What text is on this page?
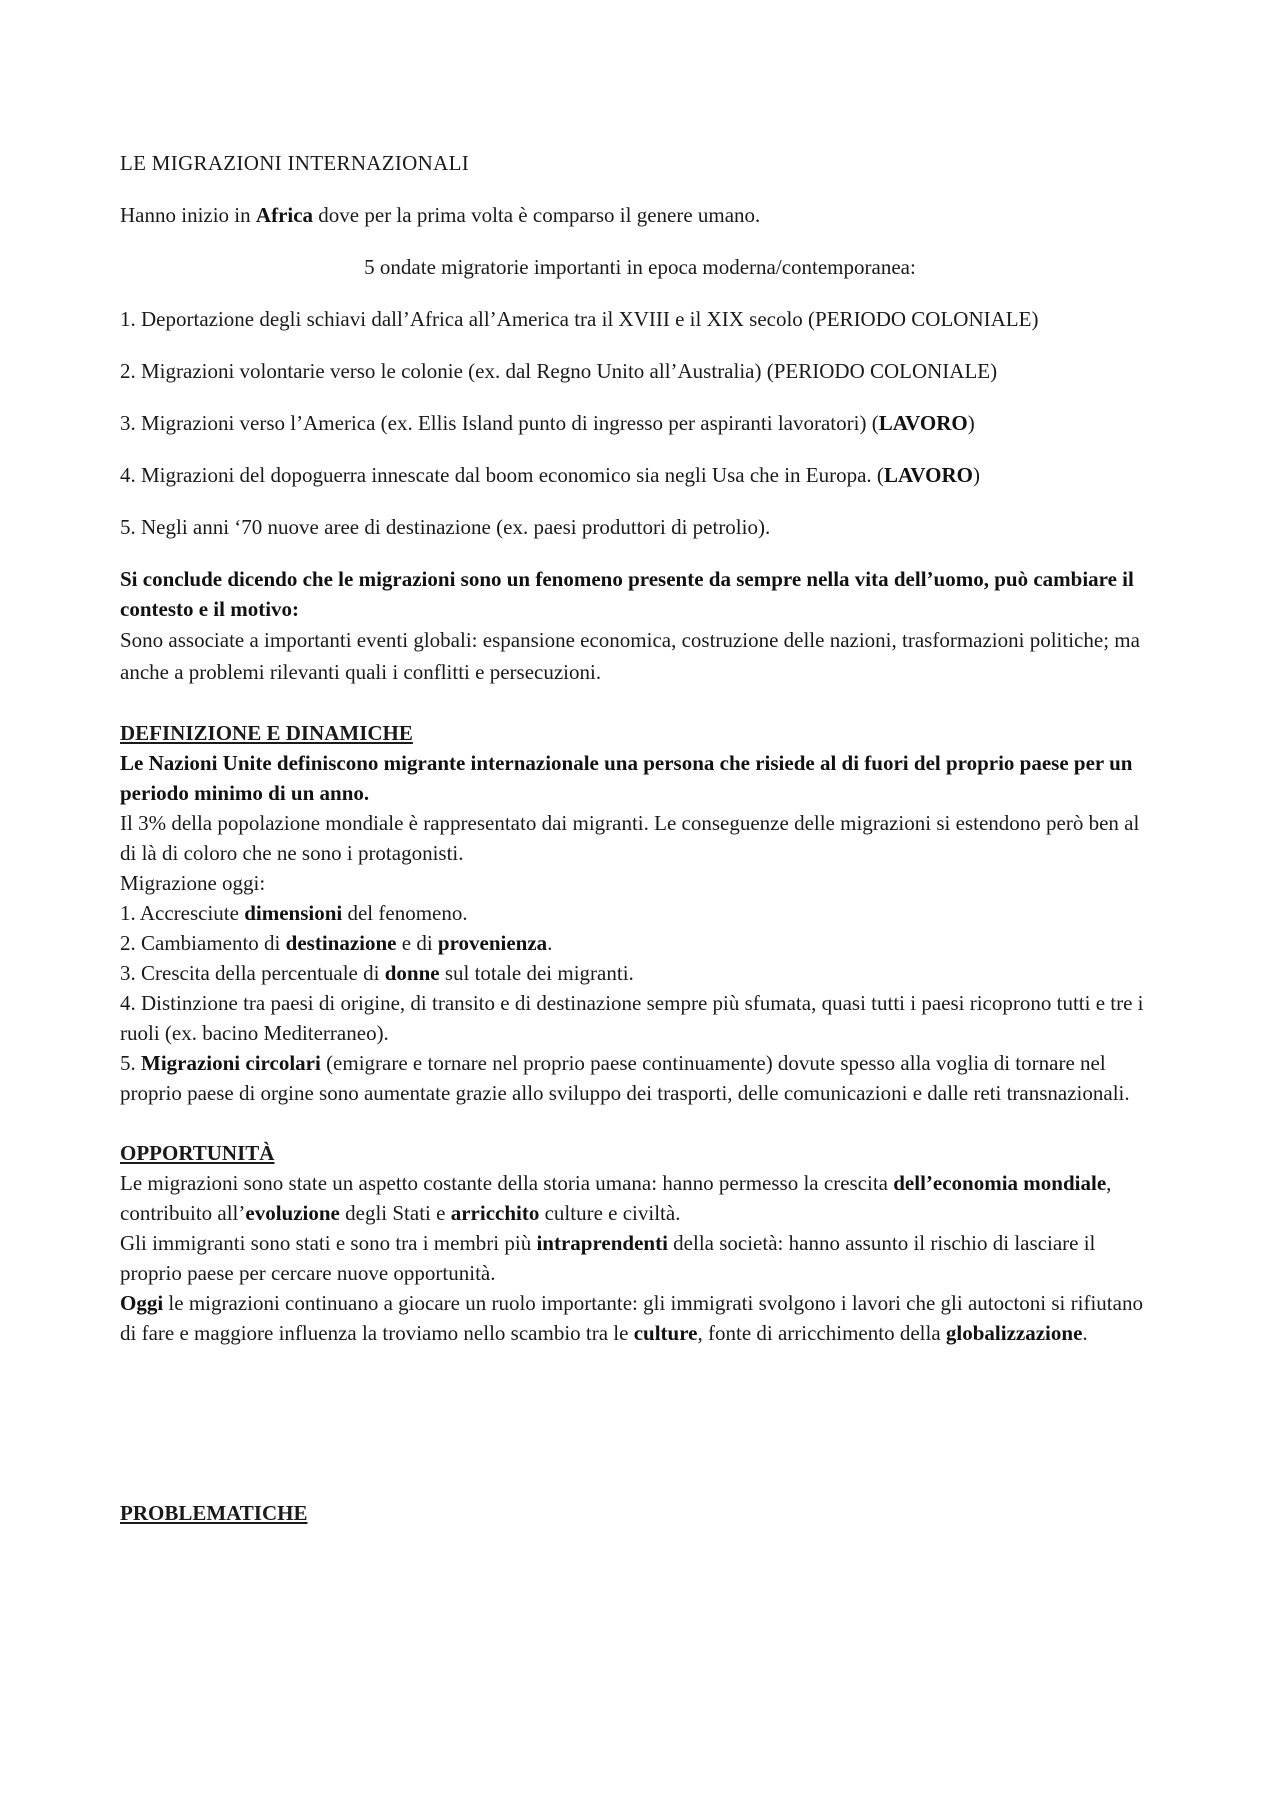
LE MIGRAZIONI INTERNAZIONALI

Hanno inizio in Africa dove per la prima volta è comparso il genere umano.

5 ondate migratorie importanti in epoca moderna/contemporanea:

1. Deportazione degli schiavi dall’Africa all’America tra il XVIII e il XIX secolo (PERIODO COLONIALE)

2. Migrazioni volontarie verso le colonie (ex. dal Regno Unito all’Australia) (PERIODO COLONIALE)

3. Migrazioni verso l’America (ex. Ellis Island punto di ingresso per aspiranti lavoratori) (LAVORO)

4. Migrazioni del dopoguerra innescate dal boom economico sia negli Usa che in Europa. (LAVORO)

5. Negli anni ‘70 nuove aree di destinazione (ex. paesi produttori di petrolio).

Si conclude dicendo che le migrazioni sono un fenomeno presente da sempre nella vita dell’uomo, può cambiare il contesto e il motivo:

Sono associate a importanti eventi globali: espansione economica, costruzione delle nazioni, trasformazioni politiche; ma anche a problemi rilevanti quali i conflitti e persecuzioni.

DEFINIZIONE E DINAMICHE

Le Nazioni Unite definiscono migrante internazionale una persona che risiede al di fuori del proprio paese per un periodo minimo di un anno.

Il 3% della popolazione mondiale è rappresentato dai migranti. Le conseguenze delle migrazioni si estendono però ben al di là di coloro che ne sono i protagonisti.

Migrazione oggi:

1. Accresciute dimensioni del fenomeno.

2. Cambiamento di destinazione e di provenienza.

3. Crescita della percentuale di donne sul totale dei migranti.

4. Distinzione tra paesi di origine, di transito e di destinazione sempre più sfumata, quasi tutti i paesi ricoprono tutti e tre i ruoli (ex. bacino Mediterraneo).

5. Migrazioni circolari (emigrare e tornare nel proprio paese continuamente) dovute spesso alla voglia di tornare nel proprio paese di orgine sono aumentate grazie allo sviluppo dei trasporti, delle comunicazioni e dalle reti transnazionali.

OPPORTUNITÀ

Le migrazioni sono state un aspetto costante della storia umana: hanno permesso la crescita dell’economia mondiale, contribuito all’evoluzione degli Stati e arricchito culture e civiltà.

Gli immigranti sono stati e sono tra i membri più intraprendenti della società: hanno assunto il rischio di lasciare il proprio paese per cercare nuove opportunità.

Oggi le migrazioni continuano a giocare un ruolo importante: gli immigrati svolgono i lavori che gli autoctoni si rifiutano di fare e maggiore influenza la troviamo nello scambio tra le culture, fonte di arricchimento della globalizzazione.

PROBLEMATICHE
